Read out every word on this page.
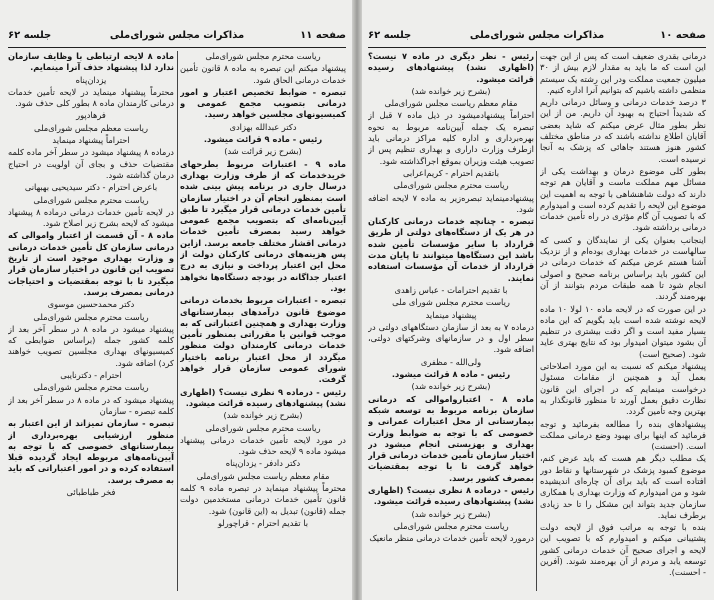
صفحه ۱۱
مذاکرات مجلس شورای‌ملی
جلسه ۶۲

ریاست محترم مجلس شورای‌ملی

پیشنهاد میکنم این تبصره به ماده ۸ قانون تأمین خدمات درمانی الحاق شود.

تبصره - ضوابط تخصیص اعتبار و امور درمانی بتصویب مجمع عمومی و کمیسیونهای مجلسین خواهد رسید.

دکتر عبدالله بهزادی

رئیس - ماده ۹ قرائت میشود.

(بشرح زیر قرائت شد)

ماده ۹ - اعتبارات مربوط بطرحهای خریدخدمات که از طرف وزارت بهداری درسال جاری در برنامه پیش بینی شده است بمنظور انجام آن در اختیار سازمان تأمین خدمات درمانی قرار میگیرد تا طبق آیین‌نامه‌ای که بتصویب مجمع عمومی خواهد رسید بمصرف تأمین خدمات درمانی اقشار مختلف جامعه برسد. ازاین پس هزینه‌های درمانی کارکنان دولت از محل این اعتبار پرداخت و نیازی به درج اعتبار جداگانه در بودجه دستگاه‌ها نخواهد بود.

تبصره - اعتبارات مربوط بخدمات درمانی موضوع قانون درآمدهای بیمارستانهای وزارت بهداری و همچنین اعتباراتی که به موجب قوانین یا مقرراتی بمنظور تأمین خدمات درمانی کارمندان دولت منظور میگردد از محل اعتبار برنامه باختیار شورای عمومی سازمان قرار خواهد گرفت.

رئیس - درماده ۹ نظری نیست؟ (اظهاری نشد) پیشنهادهای رسیده قرائت میشود.

(بشرح زیر خوانده شد)

ریاست محترم مجلس شورای‌ملی

در مورد لایحه تأمین خدمات درمانی پیشنهاد میشود ماده ۹ لایحه حذف شود.

دکتر دادفر - یزدان‌پناه

مقام معظم ریاست مجلس شورای‌ملی

محترماً پیشنهاد مینماید در تبصره ماده ۹ کلمه قانون تأمین خدمات درمانی مستخدمین دولت جمله (قانون) تبدیل به (این قانون) شود.

با تقدیم احترام - قراچورلو

ماده ۸ لایحه ارتباطی با وظایف سازمان ندارد لذا پیشنهاد حذف آنرا مینمایم.

یزدان‌پناه

محترماً پیشنهاد مینماید در لایحه تأمین خدمات درمانی کارمندان ماده ۸ بطور کلی حذف شود.

فرهادپور

ریاست معظم مجلس شورای‌ملی

احتراماً پیشنهاد مینماید

درماده ۸ پیشنهاد میشود در سطر آخر ماده کلمه مقتضیات حذف و بجای آن اولویت در احتیاج درمان گذاشته شود.

باعرض احترام - دکتر سیدیحیی بهبهانی

ریاست محترم مجلس شورای‌ملی

در لایحه تأمین خدمات درمانی درماده ۸ پیشنهاد میشود که لایحه بشرح زیر اصلاح شود.

ماده ۸ - آن قسمت از اعتبار واموالی که درمانی سازمان کل تأمین خدمات درمانی و وزارت بهداری موجود است از تاریخ تصویب این قانون در اختیار سازمان قرار میگیرد تا با توجه بمقتضیات و احتیاجات درمانی بمصرف برسد.

دکتر محمدحسین موسوی

ریاست محترم مجلس شورای‌ملی

پیشنهاد میشود در ماده ۸ در سطر آخر بعد از کلمه کشور جمله (براساس ضوابطی که کمیسیونهای بهداری مجلسین تصویب خواهند کرد) اضافه شود.

احترام - دکترنایبی

ریاست محترم مجلس شورای‌ملی

پیشنهاد میشود که در ماده ۸ در سطر آخر بعد از کلمه تبصره - سازمان

تبصره - سازمان تمیزاند از این اعتبار به منظور ارزشیابی بهره‌برداری از بیمارستانهای خصوصی که با توجه به آیین‌نامه‌های مربوطه ایجاد گردیده قبلا استفاده کرده و در امور اعتباراتی که باید به مصرف برسد.

فخر طباطبائی

صفحه ۱۰
مذاکرات مجلس شورای‌ملی
جلسه ۶۲

درمانی بقدری ضعیف است که پس از این جهت این است که ما باید به مقدار لازم بیش از ۳۰ میلیون جمعیت مملکت ودر این رشته یک سیستم منظمی داشته باشیم که بتوانیم آنرا اداره کنیم.

۳ درصد خدمات درمانی و وسائل درمانی داریم که شدیداً احتیاج به بهبود آن داریم. من از این نظر بطور مثال عرض میکنم که شاید بعضی آقایان اطلاع نداشته باشند که در مناطق مختلف کشور هنوز هستند جاهائی که پزشک به آنجا نرسیده است.

بطور کلی موضوع درمان و بهداشت یکی از مسائل مهم مملکت ماست و آقایان هم توجه دارند که دولت شاهنشاهی با توجه به اهمیت این موضوع این لایحه را تقدیم کرده است و امیدوارم که با تصویب آن گام مؤثری در راه تأمین خدمات درمانی برداشته شود.

اینجانب بعنوان یکی از نمایندگان و کسی که سالهاست در خدمات بهداری بوده‌ام و از نزدیک آشنا هستم عرض میکنم که خدمات درمانی در این کشور باید براساس برنامه صحیح و اصولی انجام شود تا همه طبقات مردم بتوانند از آن بهره‌مند گردند.

در این صورت که در لایحه ماده ۱۰ لولا ۱۰ ماده لایحه نوشته شده است باید بگویم که این ماده بسیار مفید است و اگر دقت بیشتری در تنظیم آن بشود میتوان امیدوار بود که نتایج بهتری عاید شود. (صحیح است)

پیشنهاد میکنم که نسبت به این مورد اصلاحاتی بعمل آید و همچنین از مقامات مسئول درخواست مینمایم که در اجرای این قانون نظارت دقیق بعمل آورند تا منظور قانونگذار به بهترین وجه تأمین گردد.

پیشنهادهای بنده را مطالعه بفرمائید و توجه فرمائید که اینها برای بهبود وضع درمانی مملکت است. (احسنت)

یک مطلب دیگر هم هست که باید عرض کنم، موضوع کمبود پزشک در شهرستانها و نقاط دور افتاده است که باید برای آن چاره‌ای اندیشیده شود و من امیدوارم که وزارت بهداری با همکاری سازمان جدید بتواند این مشکل را تا حد زیادی برطرف نماید.

بنده با توجه به مراتب فوق از لایحه دولت پشتیبانی میکنم و امیدوارم که با تصویب این لایحه و اجرای صحیح آن خدمات درمانی کشور توسعه یابد و مردم از آن بهره‌مند شوند. (آفرین - احسنت).

رئیس - نظر دیگری در ماده ۷ نیست؟ (اظهاری نشد) پیشنهادهای رسیده قرائت میشود.

(بشرح زیر خوانده شد)

مقام معظم ریاست مجلس شورای‌ملی

احتراماً پیشنهادمیشود در ذیل ماده ۷ قبل از تبصره یک جمله آیین‌نامه مربوط به نحوه بهره‌برداری و اداره کلیه مراکز درمانی باید ازطرف وزارت داراری و بهداری تنظیم پس از تصویب هیئت وزیران بموقع اجراگذاشته شود.

باتقدیم احترام - کریم‌اعرابی

ریاست محترم مجلس شورای‌ملی

پیشنهادمینماید تبصره‌زیر به ماده ۷ لایحه اضافه شود.

تبصره - چنانچه خدمات درمانی کارکنان در هر یک از دستگاه‌های دولتی از طریق قرارداد با سایر مؤسسات تأمین شده باشد این دستگاه‌ها میتوانند تا پایان مدت قرارداد از خدمات آن مؤسسات استفاده نمایند.

با تقدیم احترامات - عباس زاهدی

ریاست محترم مجلس شورای ملی

پیشنهاد مینماید

درماده ۷ به بعد از سازمان دستگاههای دولتی در سطر اول و در سازمانهای وشرکتهای دولتی، اضافه شود.

ولی‌الله - مظفری

رئیس - ماده ۸ قرائت میشود.

(بشرح زیر خوانده شد)

ماده ۸ - اعتبارواموالی که درمانی سازمان برنامه مربوط به توسعه شبکه بیمارستانی از محل اعتبارات عمرانی و خصوصی که با توجه به ضوابط وزارت بهداری و بهزیستی انجام میشود در اختیار سازمان تأمین خدمات درمانی قرار خواهد گرفت تا با توجه بمقتضیات بمصرف کشور برسد.

رئیس - درماده ۸ نظری نیست؟ (اظهاری نشد) پیشنهادهای رسیده قرائت میشود.

(بشرح زیر خوانده شد)

ریاست محترم مجلس شورای‌ملی

درمورد لایحه تأمین خدمات درمانی منظر مانعیک
